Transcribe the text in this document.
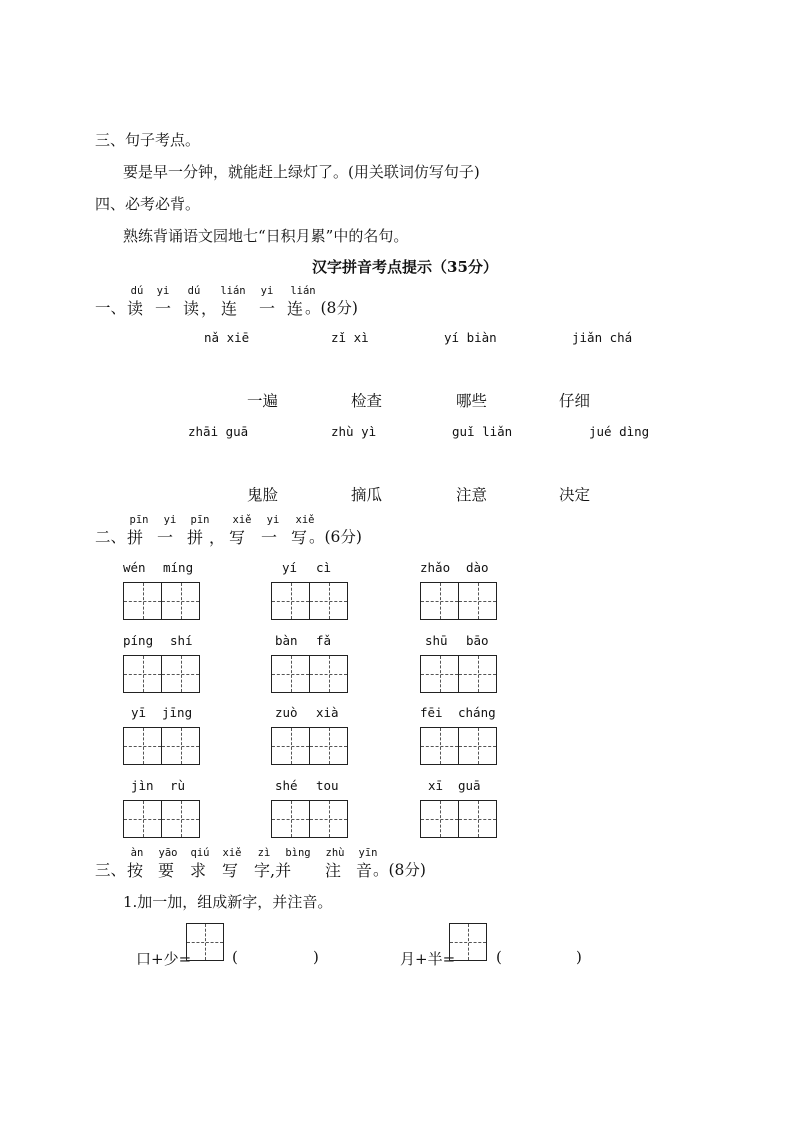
三、句子考点。
要是早一分钟，就能赶上绿灯了。(用关联词仿写句子)
四、必考必背。
熟练背诵语文园地七“日积月累”中的名句。
汉字拼音考点提示（35分）
一、
dú
读
yi
一
dú
读 ，
lián
连
yi
一
lián
连 。(8分)
nǎ xiē	zǐ xì	yí biàn	jiǎn chá
一遍	检查	哪些	仔细
zhāi guā	zhù yì	guǐ liǎn	jué dìng
鬼脸	摘瓜	注意	决定
二、
pīn
拼
yi
一
pīn
拼 ，
xiě
写
yi
一
xiě
写 。(6分)
wén míng	yí cì	zhǎo dào
píng shí	bàn fǎ	shū bāo
yī jīng	zuò xià	fēi cháng
jìn rù	shé tou	xī guā
三、
àn
按
yāo
要
qiú
求
xiě
写
zì
字
bìng
,并
zhù
注
yīn
音 。(8分)
1.加一加，组成新字，并注音。
口+少=	(	)	月+半=	(	)
